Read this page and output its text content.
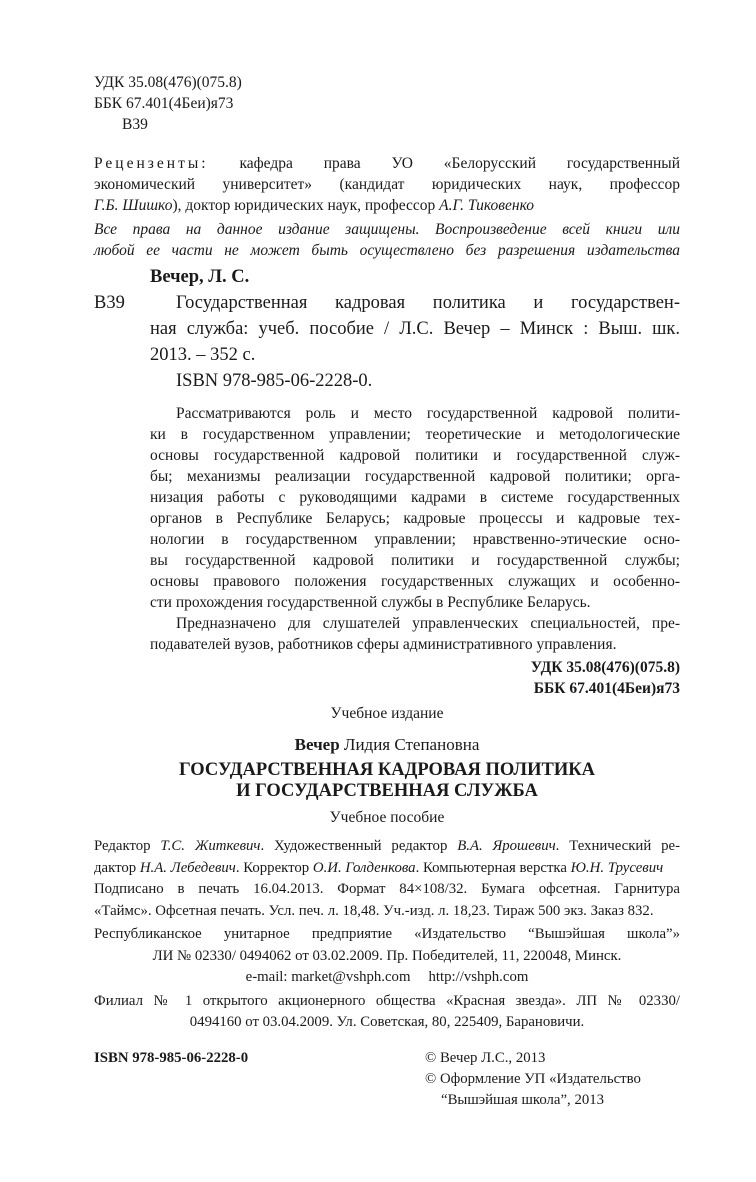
УДК 35.08(476)(075.8)
ББК 67.401(4Беи)я73
В39
Рецензенты: кафедра права УО «Белорусский государственный
экономический университет» (кандидат юридических наук, профессор
Г.Б. Шишко), доктор юридических наук, профессор А.Г. Тиковенко
Все права на данное издание защищены. Воспроизведение всей книги или
любой ее части не может быть осуществлено без разрешения издательства
Вечер, Л. С.
В39	Государственная кадровая политика и государствен-
ная служба: учеб. пособие / Л.С. Вечер – Минск : Выш. шк.
2013. – 352 с.
ISBN 978-985-06-2228-0.
Рассматриваются роль и место государственной кадровой полити-
ки в государственном управлении; теоретические и методологические
основы государственной кадровой политики и государственной служ-
бы; механизмы реализации государственной кадровой политики; орга-
низация работы с руководящими кадрами в системе государственных
органов в Республике Беларусь; кадровые процессы и кадровые тех-
нологии в государственном управлении; нравственно-этические осно-
вы государственной кадровой политики и государственной службы;
основы правового положения государственных служащих и особенно-
сти прохождения государственной службы в Республике Беларусь.
Предназначено для слушателей управленческих специальностей, пре-
подавателей вузов, работников сферы административного управления.
УДК 35.08(476)(075.8)
ББК 67.401(4Беи)я73
Учебное издание
Вечер Лидия Степановна
ГОСУДАРСТВЕННАЯ КАДРОВАЯ ПОЛИТИКА
И ГОСУДАРСТВЕННАЯ СЛУЖБА
Учебное пособие
Редактор Т.С. Житкевич. Художественный редактор В.А. Ярошевич. Технический ре-
дактор Н.А. Лебедевич. Корректор О.И. Голденкова. Компьютерная верстка Ю.Н. Трусевич
Подписано в печать 16.04.2013. Формат 84×108/32. Бумага офсетная. Гарнитура
«Таймс». Офсетная печать. Усл. печ. л. 18,48. Уч.-изд. л. 18,23. Тираж 500 экз. Заказ 832.
Республиканское унитарное предприятие «Издательство “Вышэйшая школа”»
ЛИ № 02330/ 0494062 от 03.02.2009. Пр. Победителей, 11, 220048, Минск.
e-mail: market@vshph.com http://vshph.com
Филиал № 1 открытого акционерного общества «Красная звезда». ЛП № 02330/
0494160 от 03.04.2009. Ул. Советская, 80, 225409, Барановичи.
ISBN 978-985-06-2228-0	© Вечер Л.С., 2013
© Оформление УП «Издательство
“Вышэйшая школа”, 2013
